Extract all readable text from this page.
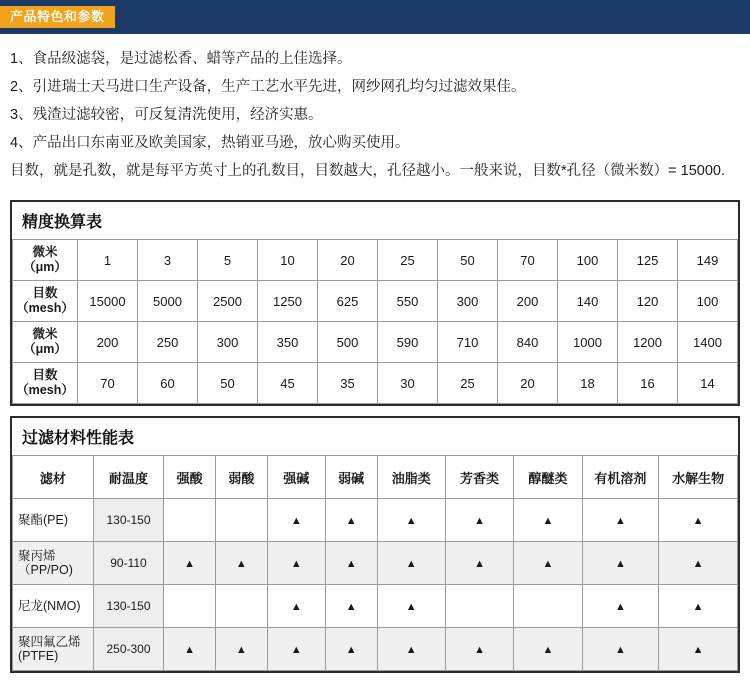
产品特色和参数

1、食品级滤袋，是过滤松香、蜡等产品的上佳选择。

2、引进瑞士天马进口生产设备，生产工艺水平先进，网纱网孔均匀过滤效果佳。

3、残渣过滤较密，可反复清洗使用，经济实惠。

4、产品出口东南亚及欧美国家，热销亚马逊，放心购买使用。

目数，就是孔数，就是每平方英寸上的孔数目，目数越大，孔径越小。一般来说，目数*孔径（微米数）= 15000.

精度换算表
微米（μm）	1	3	5	10	20	25	50	70	100	125	149
目数（mesh）	15000	5000	2500	1250	625	550	300	200	140	120	100
微米（μm）	200	250	300	350	500	590	710	840	1000	1200	1400
目数（mesh）	70	60	50	45	35	30	25	20	18	16	14
过滤材料性能表
滤材	耐温度	强酸	弱酸	强碱	弱碱	油脂类	芳香类	醇醚类	有机溶剂	水解生物
聚酯(PE)	130-150			▲	▲	▲	▲	▲	▲	▲
聚丙烯（PP/PO)	90-110	▲	▲	▲	▲	▲	▲	▲	▲	▲
尼龙(NMO)	130-150			▲	▲	▲			▲	▲
聚四氟乙烯(PTFE)	250-300	▲	▲	▲	▲	▲	▲	▲	▲	▲
